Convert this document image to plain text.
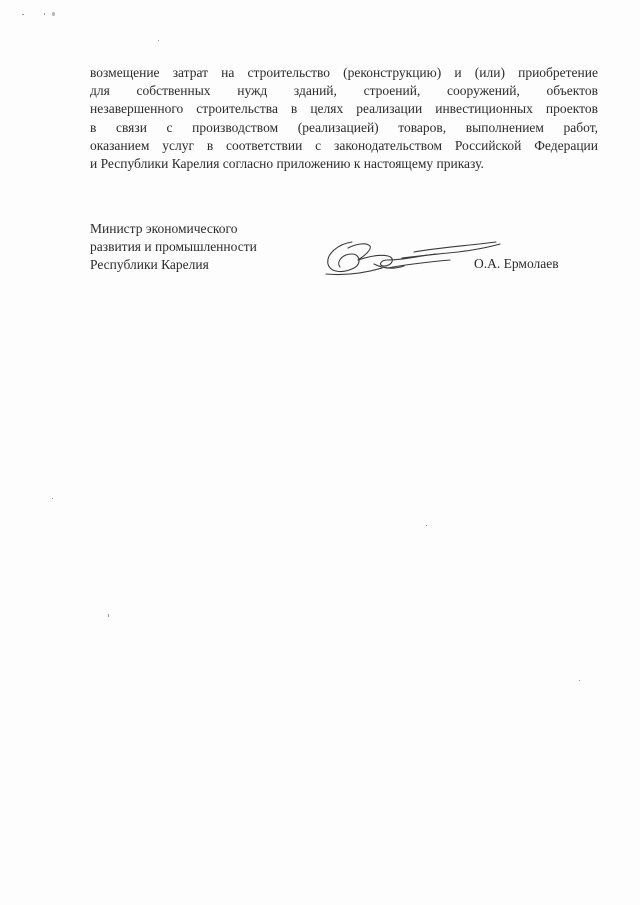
возмещение затрат на строительство (реконструкцию) и (или) приобретение
для собственных нужд зданий, строений, сооружений, объектов
незавершенного строительства в целях реализации инвестиционных проектов
в связи с производством (реализацией) товаров, выполнением работ,
оказанием услуг в соответствии с законодательством Российской Федерации
и Республики Карелия согласно приложению к настоящему приказу.
Министр экономического
развития и промышленности
Республики Карелия	О.А. Ермолаев
